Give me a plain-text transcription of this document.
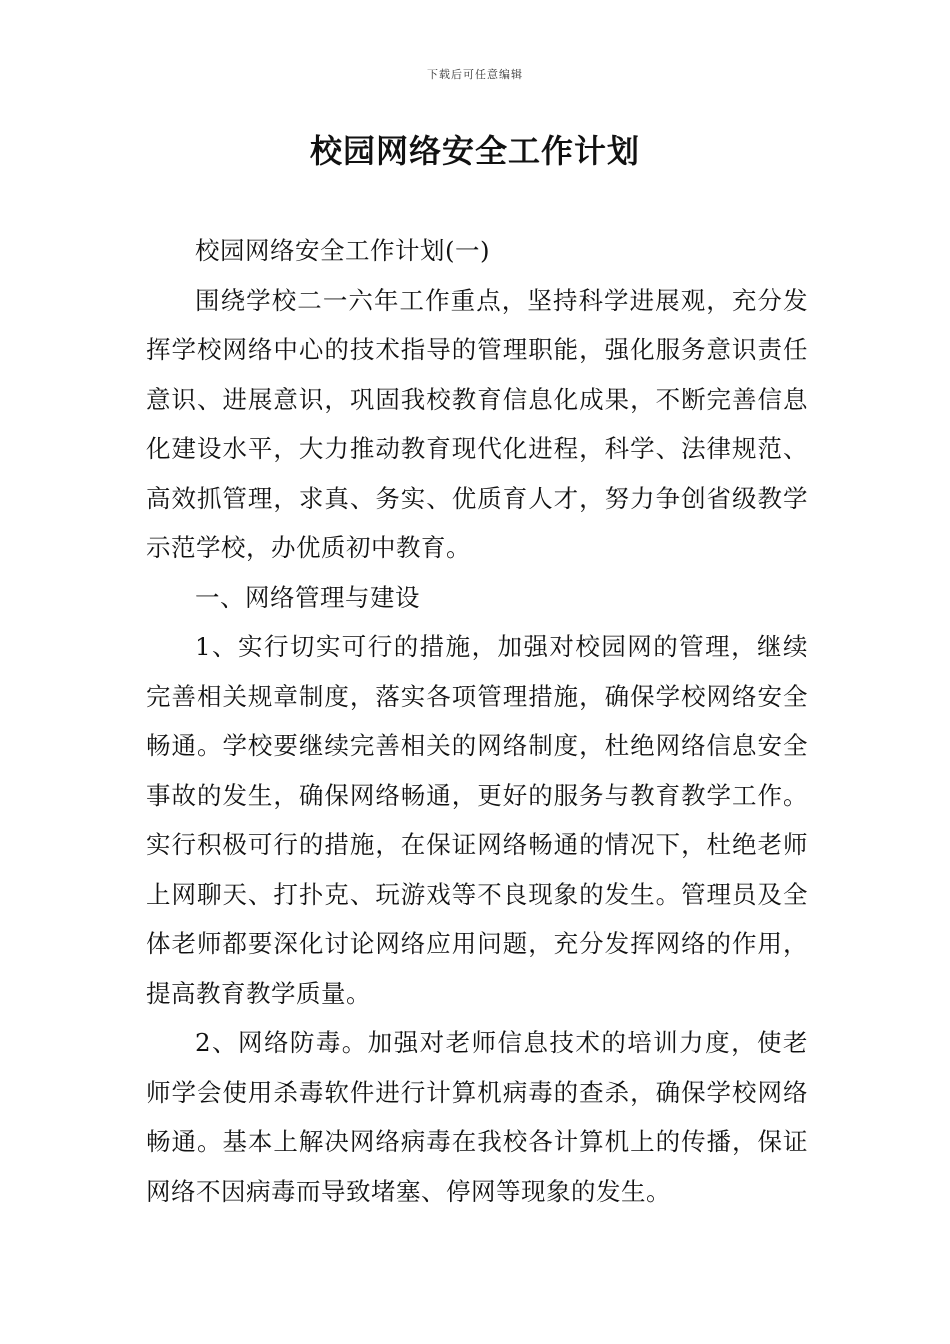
下载后可任意编辑
校园网络安全工作计划

校园网络安全工作计划(一)

围绕学校二一六年工作重点，坚持科学进展观，充分发挥学校网络中心的技术指导的管理职能，强化服务意识责任意识、进展意识，巩固我校教育信息化成果，不断完善信息化建设水平，大力推动教育现代化进程，科学、法律规范、高效抓管理，求真、务实、优质育人才，努力争创省级教学示范学校，办优质初中教育。

一、网络管理与建设

1、实行切实可行的措施，加强对校园网的管理，继续完善相关规章制度，落实各项管理措施，确保学校网络安全畅通。学校要继续完善相关的网络制度，杜绝网络信息安全事故的发生，确保网络畅通，更好的服务与教育教学工作。实行积极可行的措施，在保证网络畅通的情况下，杜绝老师上网聊天、打扑克、玩游戏等不良现象的发生。管理员及全体老师都要深化讨论网络应用问题，充分发挥网络的作用，提高教育教学质量。

2、网络防毒。加强对老师信息技术的培训力度，使老师学会使用杀毒软件进行计算机病毒的查杀，确保学校网络畅通。基本上解决网络病毒在我校各计算机上的传播，保证网络不因病毒而导致堵塞、停网等现象的发生。
